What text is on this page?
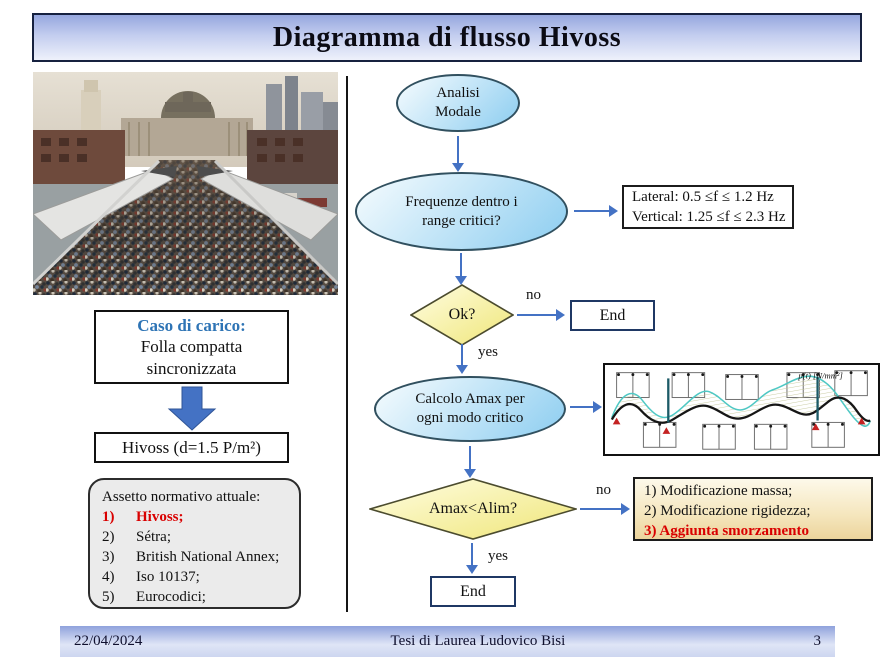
Diagramma di flusso Hivoss
Caso di carico:
Folla compatta
sincronizzata
Hivoss (d=1.5 P/m²)
Assetto normativo attuale:
1)	Hivoss;
2)	Sétra;
3)	British National Annex;
4)	Iso 10137;
5)	Eurocodici;
Analisi
Modale
Frequenze dentro i
range critici?
Lateral: 0.5 ≤f ≤ 1.2 Hz
Vertical: 1.25 ≤f ≤ 2.3 Hz
Ok?
no
End
yes
Calcolo Amax per
ogni modo critico
p(t) [N/mm²]
Amax<Alim?
no 1) Modificazione massa;
2) Modificazione rigidezza;
3) Aggiunta smorzamento
yes
End
22/04/2024	Tesi di Laurea Ludovico Bisi	3
